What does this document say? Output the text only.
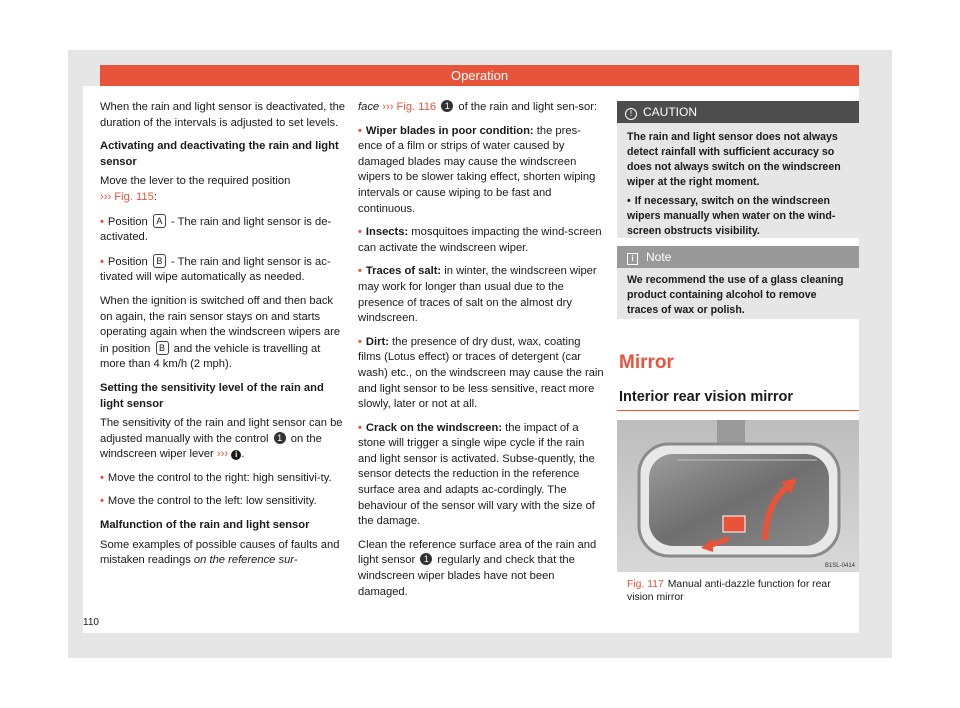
Operation

When the rain and light sensor is deactivated, the duration of the intervals is adjusted to set levels.

Activating and deactivating the rain and light sensor

Move the lever to the required position
››› Fig. 115:

• Position A - The rain and light sensor is de-activated.

• Position B - The rain and light sensor is ac-tivated will wipe automatically as needed.

When the ignition is switched off and then back on again, the rain sensor stays on and starts operating again when the windscreen wipers are in position B and the vehicle is travelling at more than 4 km/h (2 mph).

Setting the sensitivity level of the rain and light sensor

The sensitivity of the rain and light sensor can be adjusted manually with the control 1 on the windscreen wiper lever ››› i .

• Move the control to the right: high sensitivi-ty.

• Move the control to the left: low sensitivity.

Malfunction of the rain and light sensor

Some examples of possible causes of faults and mistaken readings on the reference sur-

face ››› Fig. 116 1 of the rain and light sen-sor:

• Wiper blades in poor condition: the pres-ence of a film or strips of water caused by damaged blades may cause the windscreen wipers to be slower taking effect, shorten wiping intervals or cause wiping to be fast and continuous.

• Insects: mosquitoes impacting the wind-screen can activate the windscreen wiper.

• Traces of salt: in winter, the windscreen wiper may work for longer than usual due to the presence of traces of salt on the almost dry windscreen.

• Dirt: the presence of dry dust, wax, coating films (Lotus effect) or traces of detergent (car wash) etc., on the windscreen may cause the rain and light sensor to be less sensitive, react more slowly, later or not at all.

• Crack on the windscreen: the impact of a stone will trigger a single wipe cycle if the rain and light sensor is activated. Subse-quently, the sensor detects the reduction in the reference surface area and adapts ac-cordingly. The behaviour of the sensor will vary with the size of the damage.

Clean the reference surface area of the rain and light sensor 1 regularly and check that the windscreen wiper blades have not been damaged.

! CAUTION

The rain and light sensor does not always detect rainfall with sufficient accuracy so does not always switch on the windscreen wiper at the right moment.

• If necessary, switch on the windscreen wipers manually when water on the wind-screen obstructs visibility.

i Note
We recommend the use of a glass cleaning product containing alcohol to remove traces of wax or polish.
Mirror
Interior rear vision mirror
B1SL-0414
Fig. 117 Manual anti-dazzle function for rear vision mirror
110
